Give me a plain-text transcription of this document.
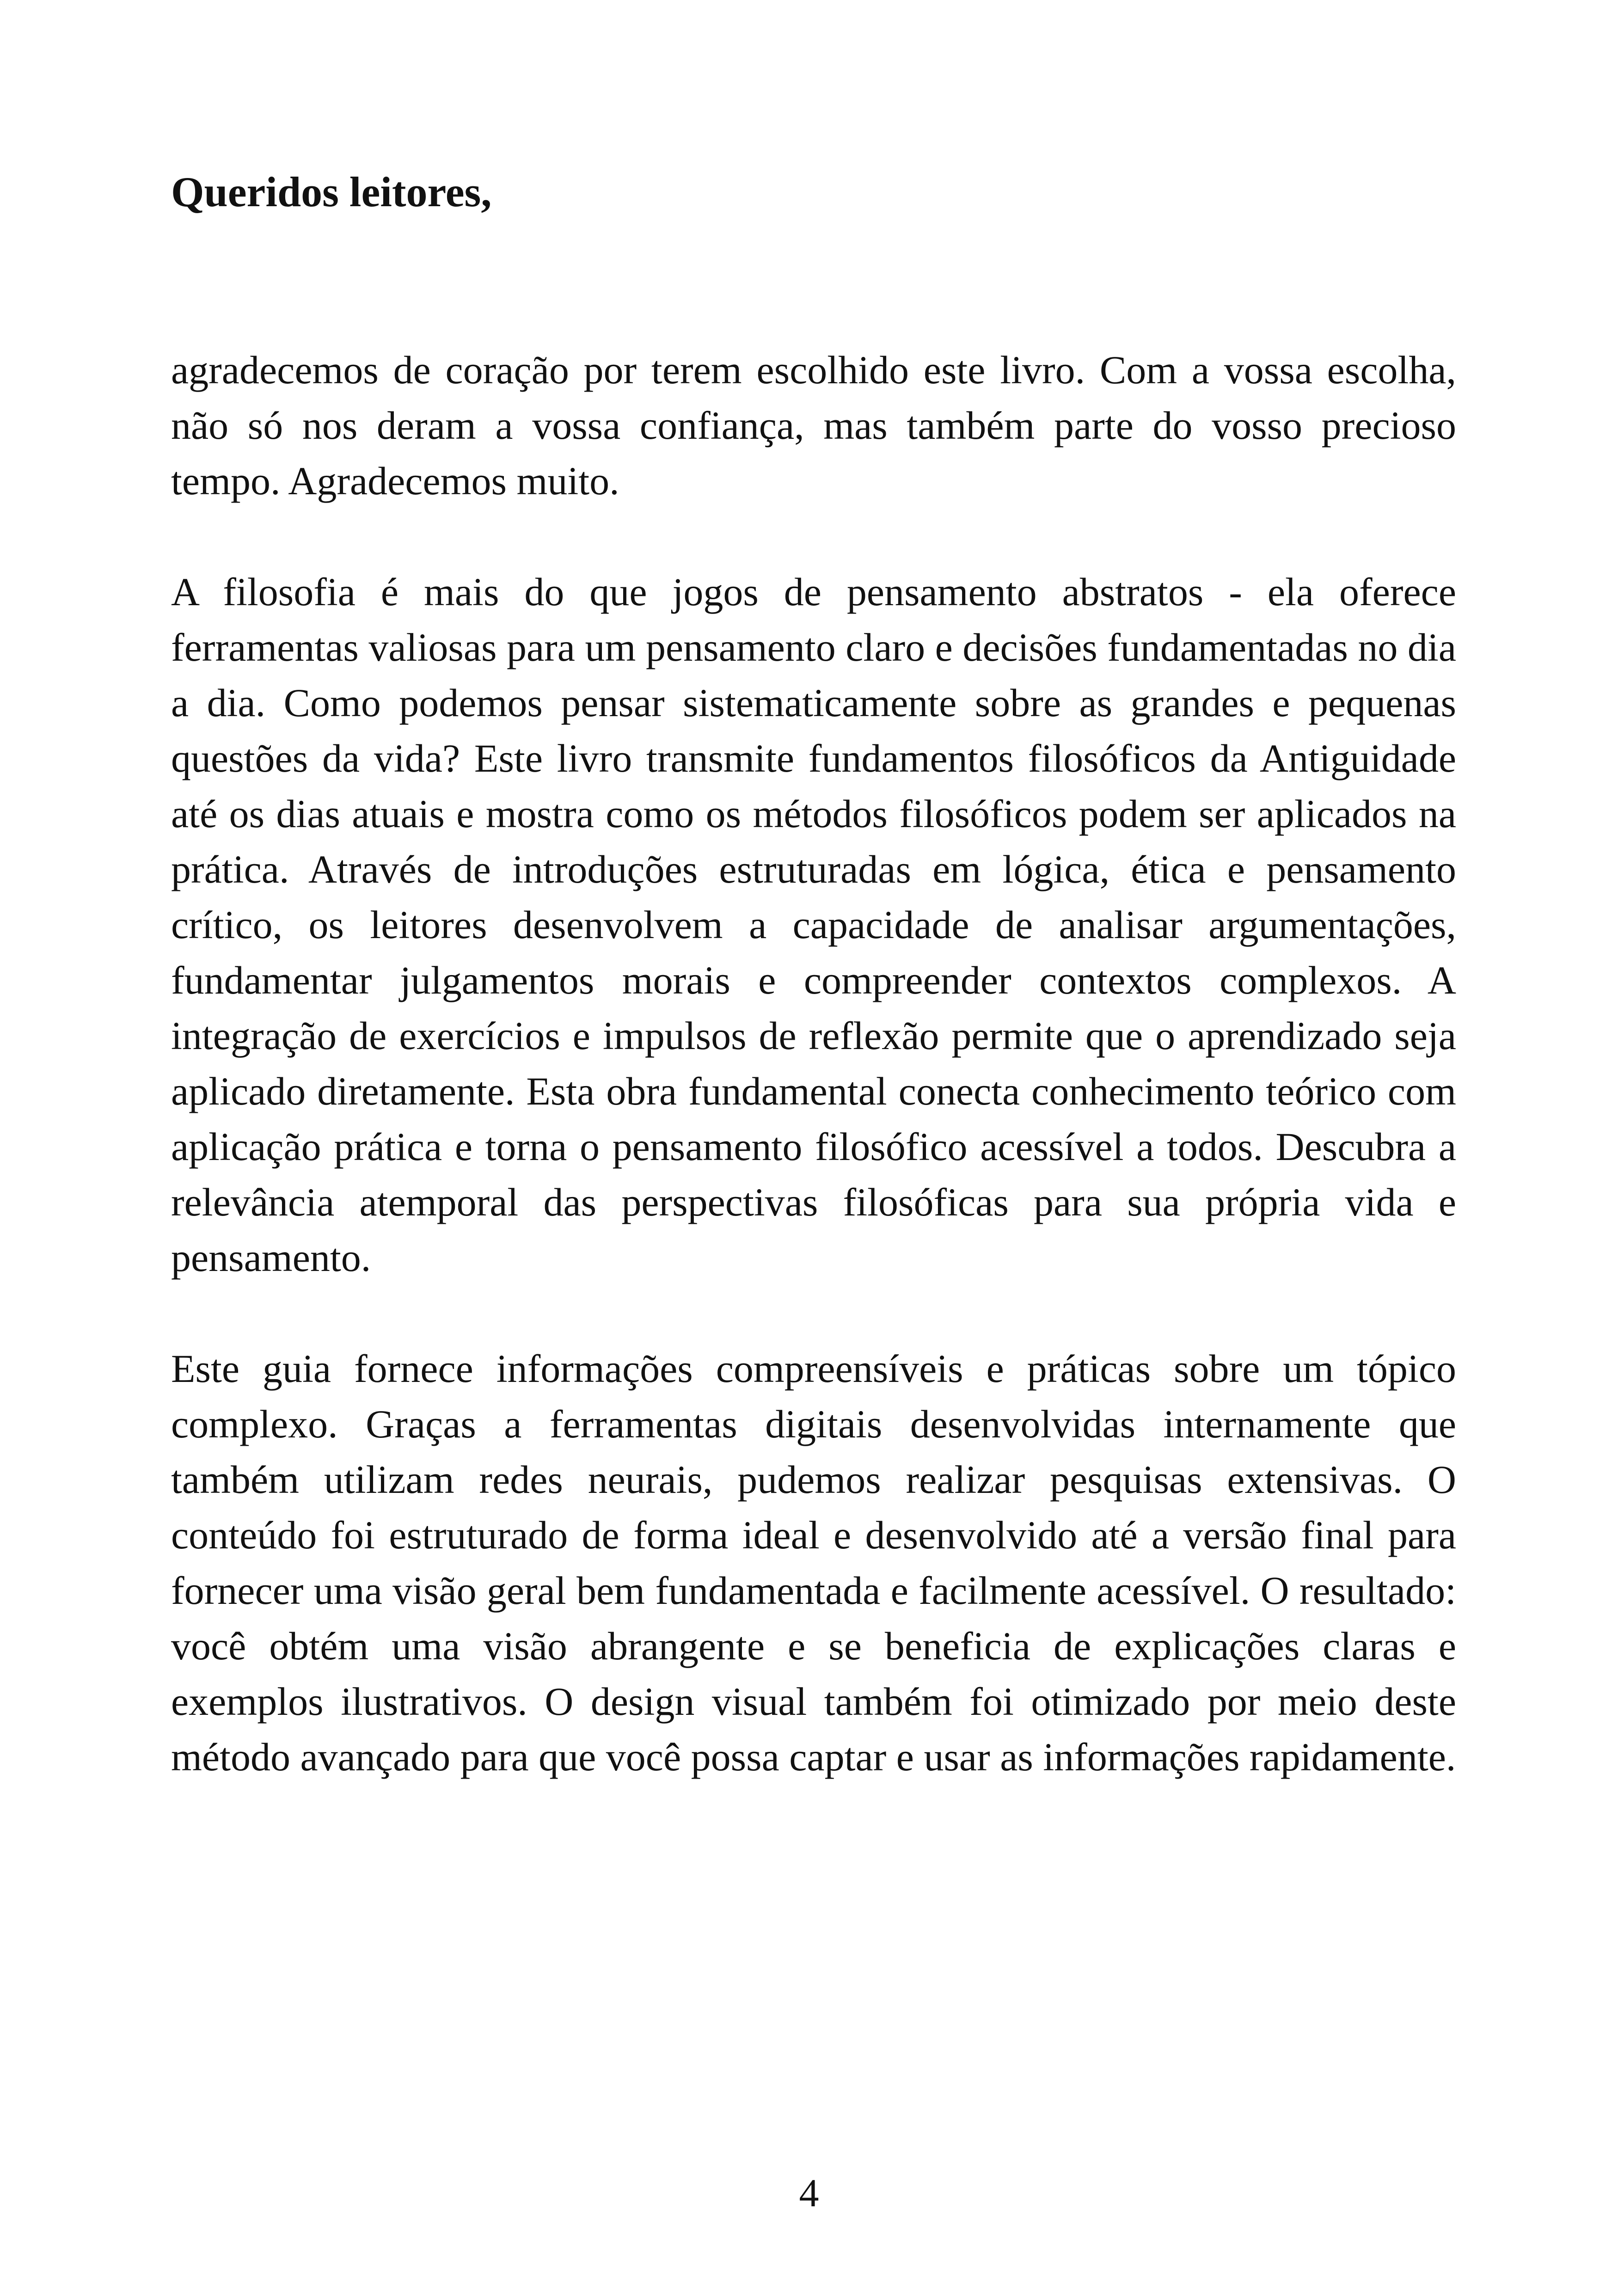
Queridos leitores,

agradecemos de coração por terem escolhido este livro. Com a vossa escolha, não só nos deram a vossa confiança, mas também parte do vosso precioso tempo. Agradecemos muito.

A filosofia é mais do que jogos de pensamento abstratos - ela oferece ferramentas valiosas para um pensamento claro e decisões fundamentadas no dia a dia. Como podemos pensar sistematicamente sobre as grandes e pequenas questões da vida? Este livro transmite fundamentos filosóficos da Antiguidade até os dias atuais e mostra como os métodos filosóficos podem ser aplicados na prática. Através de introduções estruturadas em lógica, ética e pensamento crítico, os leitores desenvolvem a capacidade de analisar argumentações, fundamentar julgamentos morais e compreender contextos complexos. A integração de exercícios e impulsos de reflexão permite que o aprendizado seja aplicado diretamente. Esta obra fundamental conecta conhecimento teórico com aplicação prática e torna o pensamento filosófico acessível a todos. Descubra a relevância atemporal das perspectivas filosóficas para sua própria vida e pensamento.

Este guia fornece informações compreensíveis e práticas sobre um tópico complexo. Graças a ferramentas digitais desenvolvidas internamente que também utilizam redes neurais, pudemos realizar pesquisas extensivas. O conteúdo foi estruturado de forma ideal e desenvolvido até a versão final para fornecer uma visão geral bem fundamentada e facilmente acessível. O resultado: você obtém uma visão abrangente e se beneficia de explicações claras e exemplos ilustrativos. O design visual também foi otimizado por meio deste método avançado para que você possa captar e usar as informações rapidamente.

4
